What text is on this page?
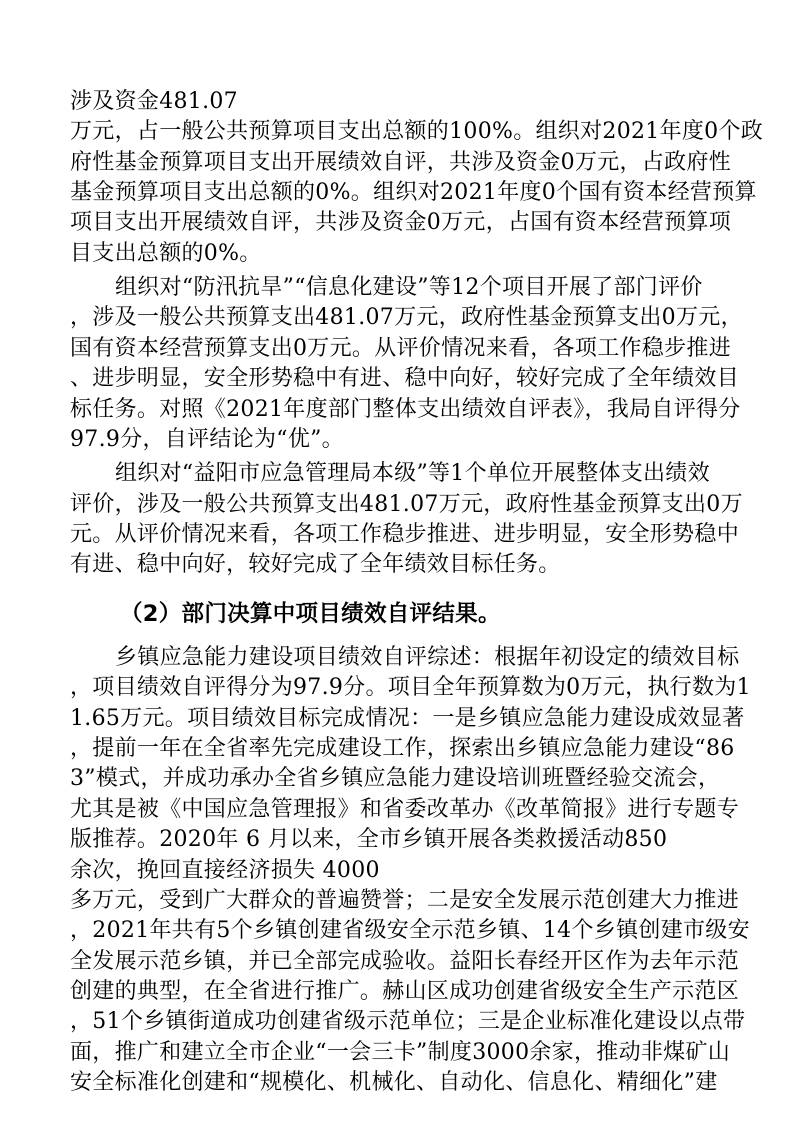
涉及资金481.07
万元，占一般公共预算项目支出总额的100%。组织对2021年度0个政
府性基金预算项目支出开展绩效自评，共涉及资金0万元，占政府性
基金预算项目支出总额的0%。组织对2021年度0个国有资本经营预算
项目支出开展绩效自评，共涉及资金0万元，占国有资本经营预算项
目支出总额的0%。
组织对“防汛抗旱”“信息化建设”等12个项目开展了部门评价
，涉及一般公共预算支出481.07万元，政府性基金预算支出0万元，
国有资本经营预算支出0万元。从评价情况来看，各项工作稳步推进
、进步明显，安全形势稳中有进、稳中向好，较好完成了全年绩效目
标任务。对照《2021年度部门整体支出绩效自评表》，我局自评得分
97.9分，自评结论为“优”。
组织对“益阳市应急管理局本级”等1个单位开展整体支出绩效
评价，涉及一般公共预算支出481.07万元，政府性基金预算支出0万
元。从评价情况来看，各项工作稳步推进、进步明显，安全形势稳中
有进、稳中向好，较好完成了全年绩效目标任务。
（2）部门决算中项目绩效自评结果。
乡镇应急能力建设项目绩效自评综述：根据年初设定的绩效目标
，项目绩效自评得分为97.9分。项目全年预算数为0万元，执行数为1
1.65万元。项目绩效目标完成情况：一是乡镇应急能力建设成效显著
，提前一年在全省率先完成建设工作，探索出乡镇应急能力建设“86
3”模式，并成功承办全省乡镇应急能力建设培训班暨经验交流会，
尤其是被《中国应急管理报》和省委改革办《改革简报》进行专题专
版推荐。2020年 6 月以来，全市乡镇开展各类救援活动850
余次，挽回直接经济损失 4000
多万元，受到广大群众的普遍赞誉；二是安全发展示范创建大力推进
，2021年共有5个乡镇创建省级安全示范乡镇、14个乡镇创建市级安
全发展示范乡镇，并已全部完成验收。益阳长春经开区作为去年示范
创建的典型，在全省进行推广。赫山区成功创建省级安全生产示范区
，51个乡镇街道成功创建省级示范单位；三是企业标准化建设以点带
面，推广和建立全市企业“一会三卡”制度3000余家，推动非煤矿山
安全标准化创建和“规模化、机械化、自动化、信息化、精细化”建
